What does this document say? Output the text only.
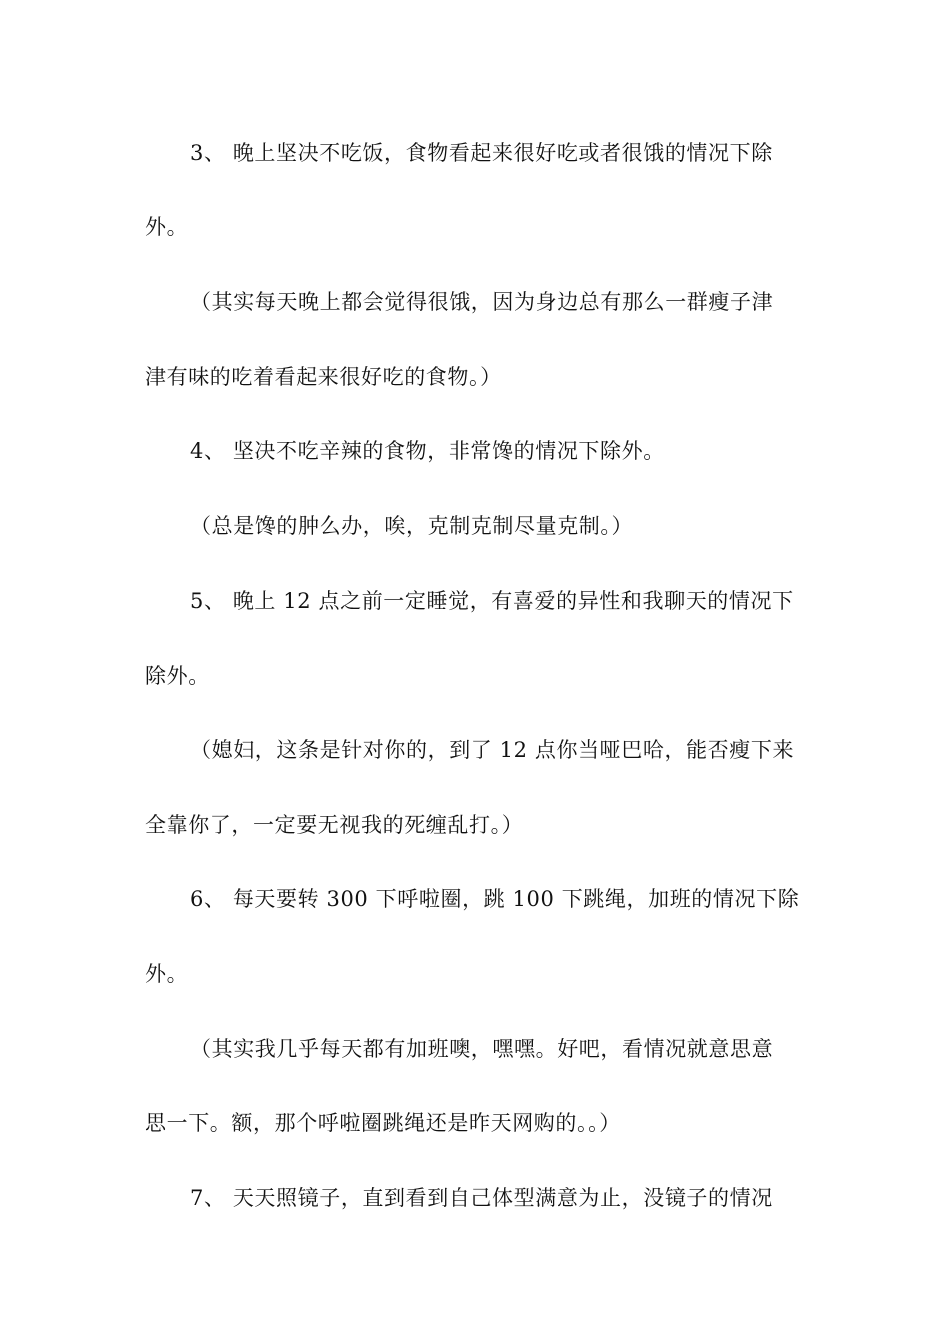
3、 晚上坚决不吃饭，食物看起来很好吃或者很饿的情况下除
外。
（其实每天晚上都会觉得很饿，因为身边总有那么一群瘦子津
津有味的吃着看起来很好吃的食物。）
4、 坚决不吃辛辣的食物，非常馋的情况下除外。
（总是馋的肿么办，唉，克制克制尽量克制。）
5、 晚上 12 点之前一定睡觉，有喜爱的异性和我聊天的情况下
除外。
（媳妇，这条是针对你的，到了 12 点你当哑巴哈，能否瘦下来
全靠你了，一定要无视我的死缠乱打。）
6、 每天要转 300 下呼啦圈，跳 100 下跳绳，加班的情况下除
外。
（其实我几乎每天都有加班噢，嘿嘿。好吧，看情况就意思意
思一下。额，那个呼啦圈跳绳还是昨天网购的。。）
7、 天天照镜子，直到看到自己体型满意为止，没镜子的情况
